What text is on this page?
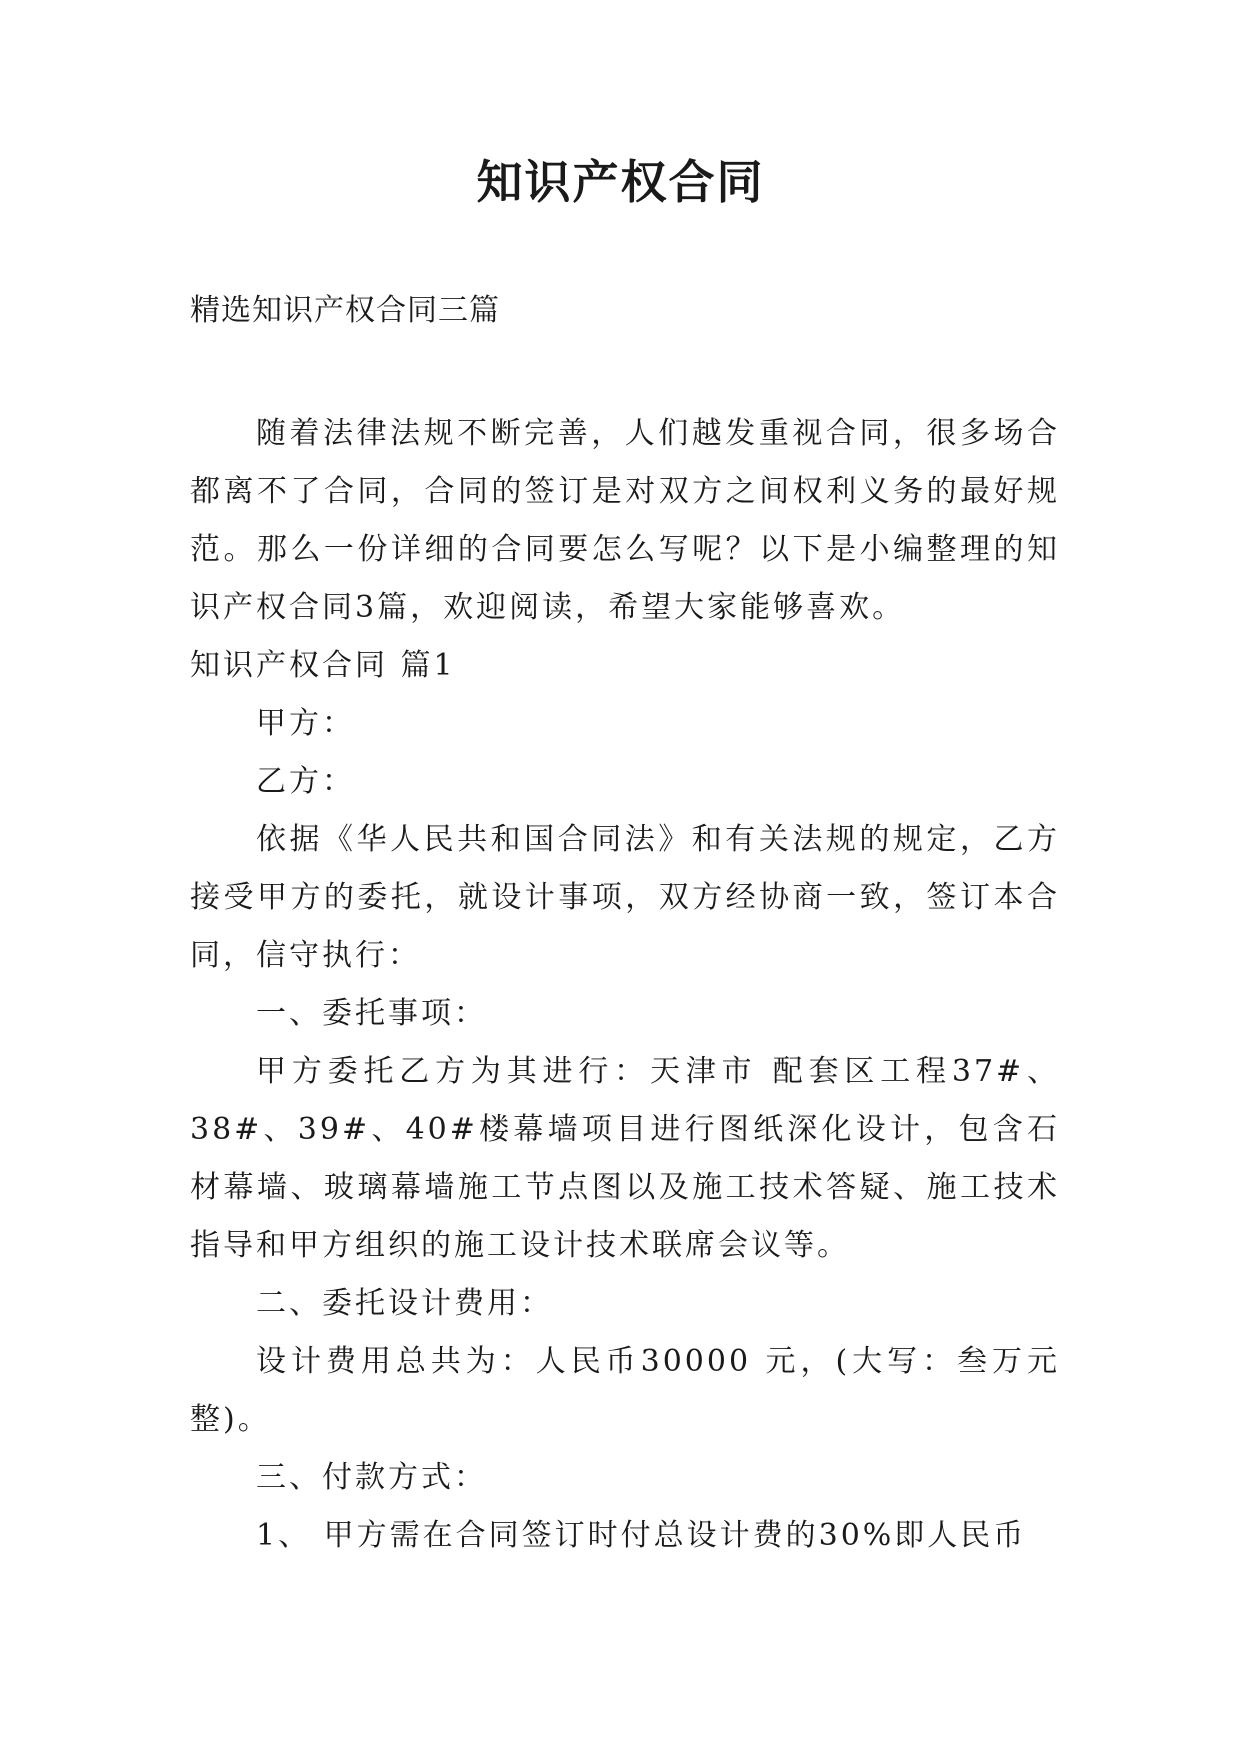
知识产权合同
精选知识产权合同三篇

随着法律法规不断完善，人们越发重视合同，很多场合都离不了合同，合同的签订是对双方之间权利义务的最好规范。那么一份详细的合同要怎么写呢？以下是小编整理的知识产权合同3篇，欢迎阅读，希望大家能够喜欢。

知识产权合同 篇1

甲方：

乙方：

依据《华人民共和国合同法》和有关法规的规定，乙方接受甲方的委托，就设计事项，双方经协商一致，签订本合同，信守执行：

一、委托事项：

甲方委托乙方为其进行：天津市 配套区工程37#、38#、39#、40#楼幕墙项目进行图纸深化设计，包含石材幕墙、玻璃幕墙施工节点图以及施工技术答疑、施工技术指导和甲方组织的施工设计技术联席会议等。

二、委托设计费用：

设计费用总共为：人民币30000 元，(大写：叁万元整)。

三、付款方式：

1、 甲方需在合同签订时付总设计费的30%即人民币
